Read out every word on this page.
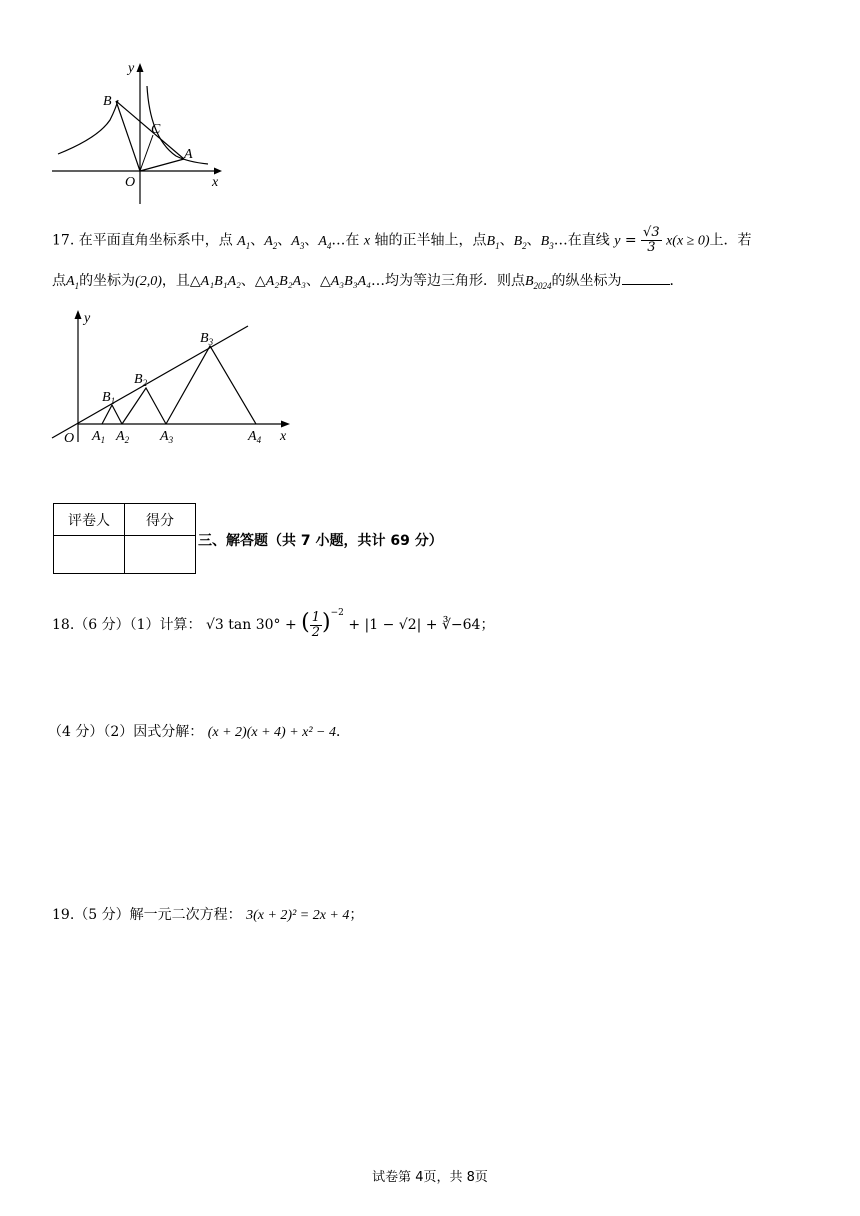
y
x
B
C
A
O
17. 在平面直角坐标系中，点 $A_1$、$A_2$、$A_3$、$A_4\dots$在 x 轴的正半轴上，点$B_1$、$B_2$、$B_3\dots$在直线 $y = \frac{√3}{3} x(x \ge 0)$上．若
点$A_1$的坐标为(2,0)，且△A₁B₁A₂、△A₂B₂A₃、△A₃B₃A₄…均为等边三角形．则点$B_{2024}$的纵坐标为	．
y
x
O $A_1$ $A_2$ $A_3$	$A_4$
$B_1$
$B_2$
$B_3$
评卷人	得分

三、解答题（共 7 小题，共计 69 分）
18.（6 分）（1）计算： √3 tan 30° + ( $\frac{1}{2} )^{-2} + |1 - √2|$ + ∛−64；
（4 分）（2）因式分解： (x + 2)(x + 4) + x² − 4．
19.（5 分）解一元二次方程： 3(x + 2)² = 2x + 4；
试卷第 4页，共 8页
